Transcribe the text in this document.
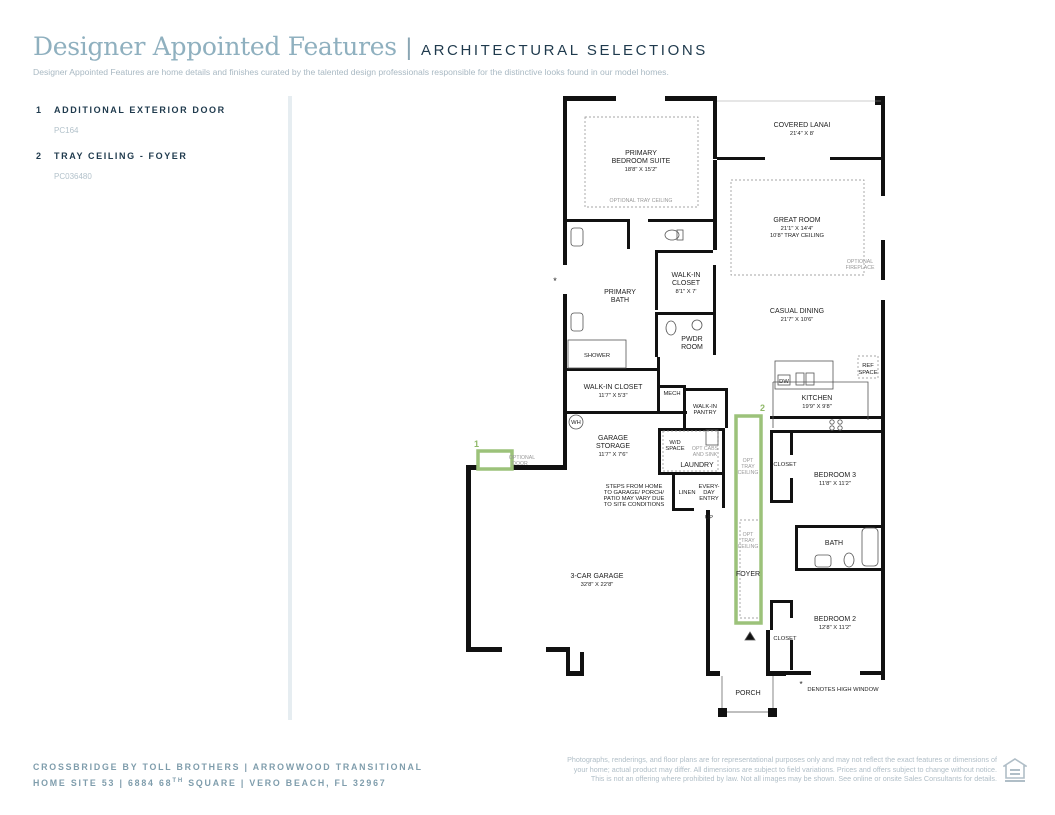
Designer Appointed Features | ARCHITECTURAL SELECTIONS
Designer Appointed Features are home details and finishes curated by the talented design professionals responsible for the distinctive looks found in our model homes.
1 ADDITIONAL EXTERIOR DOOR
PC164
2 TRAY CEILING - FOYER
PC036480
COVERED LANAI
21'4" X 8'
PRIMARY
BEDROOM SUITE
18'8" X 15'2"
OPTIONAL TRAY CEILING
GREAT ROOM
21'1" X 14'4"
10'8" TRAY CEILING
OPTIONAL
FIREPLACE
PRIMARY
BATH
SHOWER
WALK-IN
CLOSET
8'1" X 7'
PWDR
ROOM
CASUAL DINING
21'7" X 10'6"
WALK-IN CLOSET
11'7" X 5'3"
DW
REF
SPACE
KITCHEN
19'9" X 9'8"
MECH
WALK-IN
PANTRY
WH
GARAGE
STORAGE
11'7" X 7'6"
W/D
SPACE OPT CABS
AND SINK
LAUNDRY	CLOSET
BEDROOM 3
11'8" X 11'2"
OPT
TRAY
CEILING
OPT
TRAY
CEILING
STEPS FROM HOME
TO GARAGE/ PORCH/
PATIO MAY VARY DUE
TO SITE CONDITIONS
LINEN
EVERY-
DAY
ENTRY
UP
BATH
3-CAR GARAGE
32'8" X 22'8"
FOYER
BEDROOM 2
12'8" X 11'2"
CLOSET
PORCH
*
DENOTES HIGH WINDOW
*
1
2
OPTIONAL
DOOR
CROSSBRIDGE BY TOLL BROTHERS | ARROWWOOD TRANSITIONAL
HOME SITE 53 | 6884 68TH SQUARE | VERO BEACH, FL 32967
Photographs, renderings, and floor plans are for representational purposes only and may not reflect the exact features or dimensions of
your home; actual product may differ. All dimensions are subject to field variations. Prices and offers subject to change without notice.
This is not an offering where prohibited by law. Not all images may be shown. See online or onsite Sales Consultants for details.
